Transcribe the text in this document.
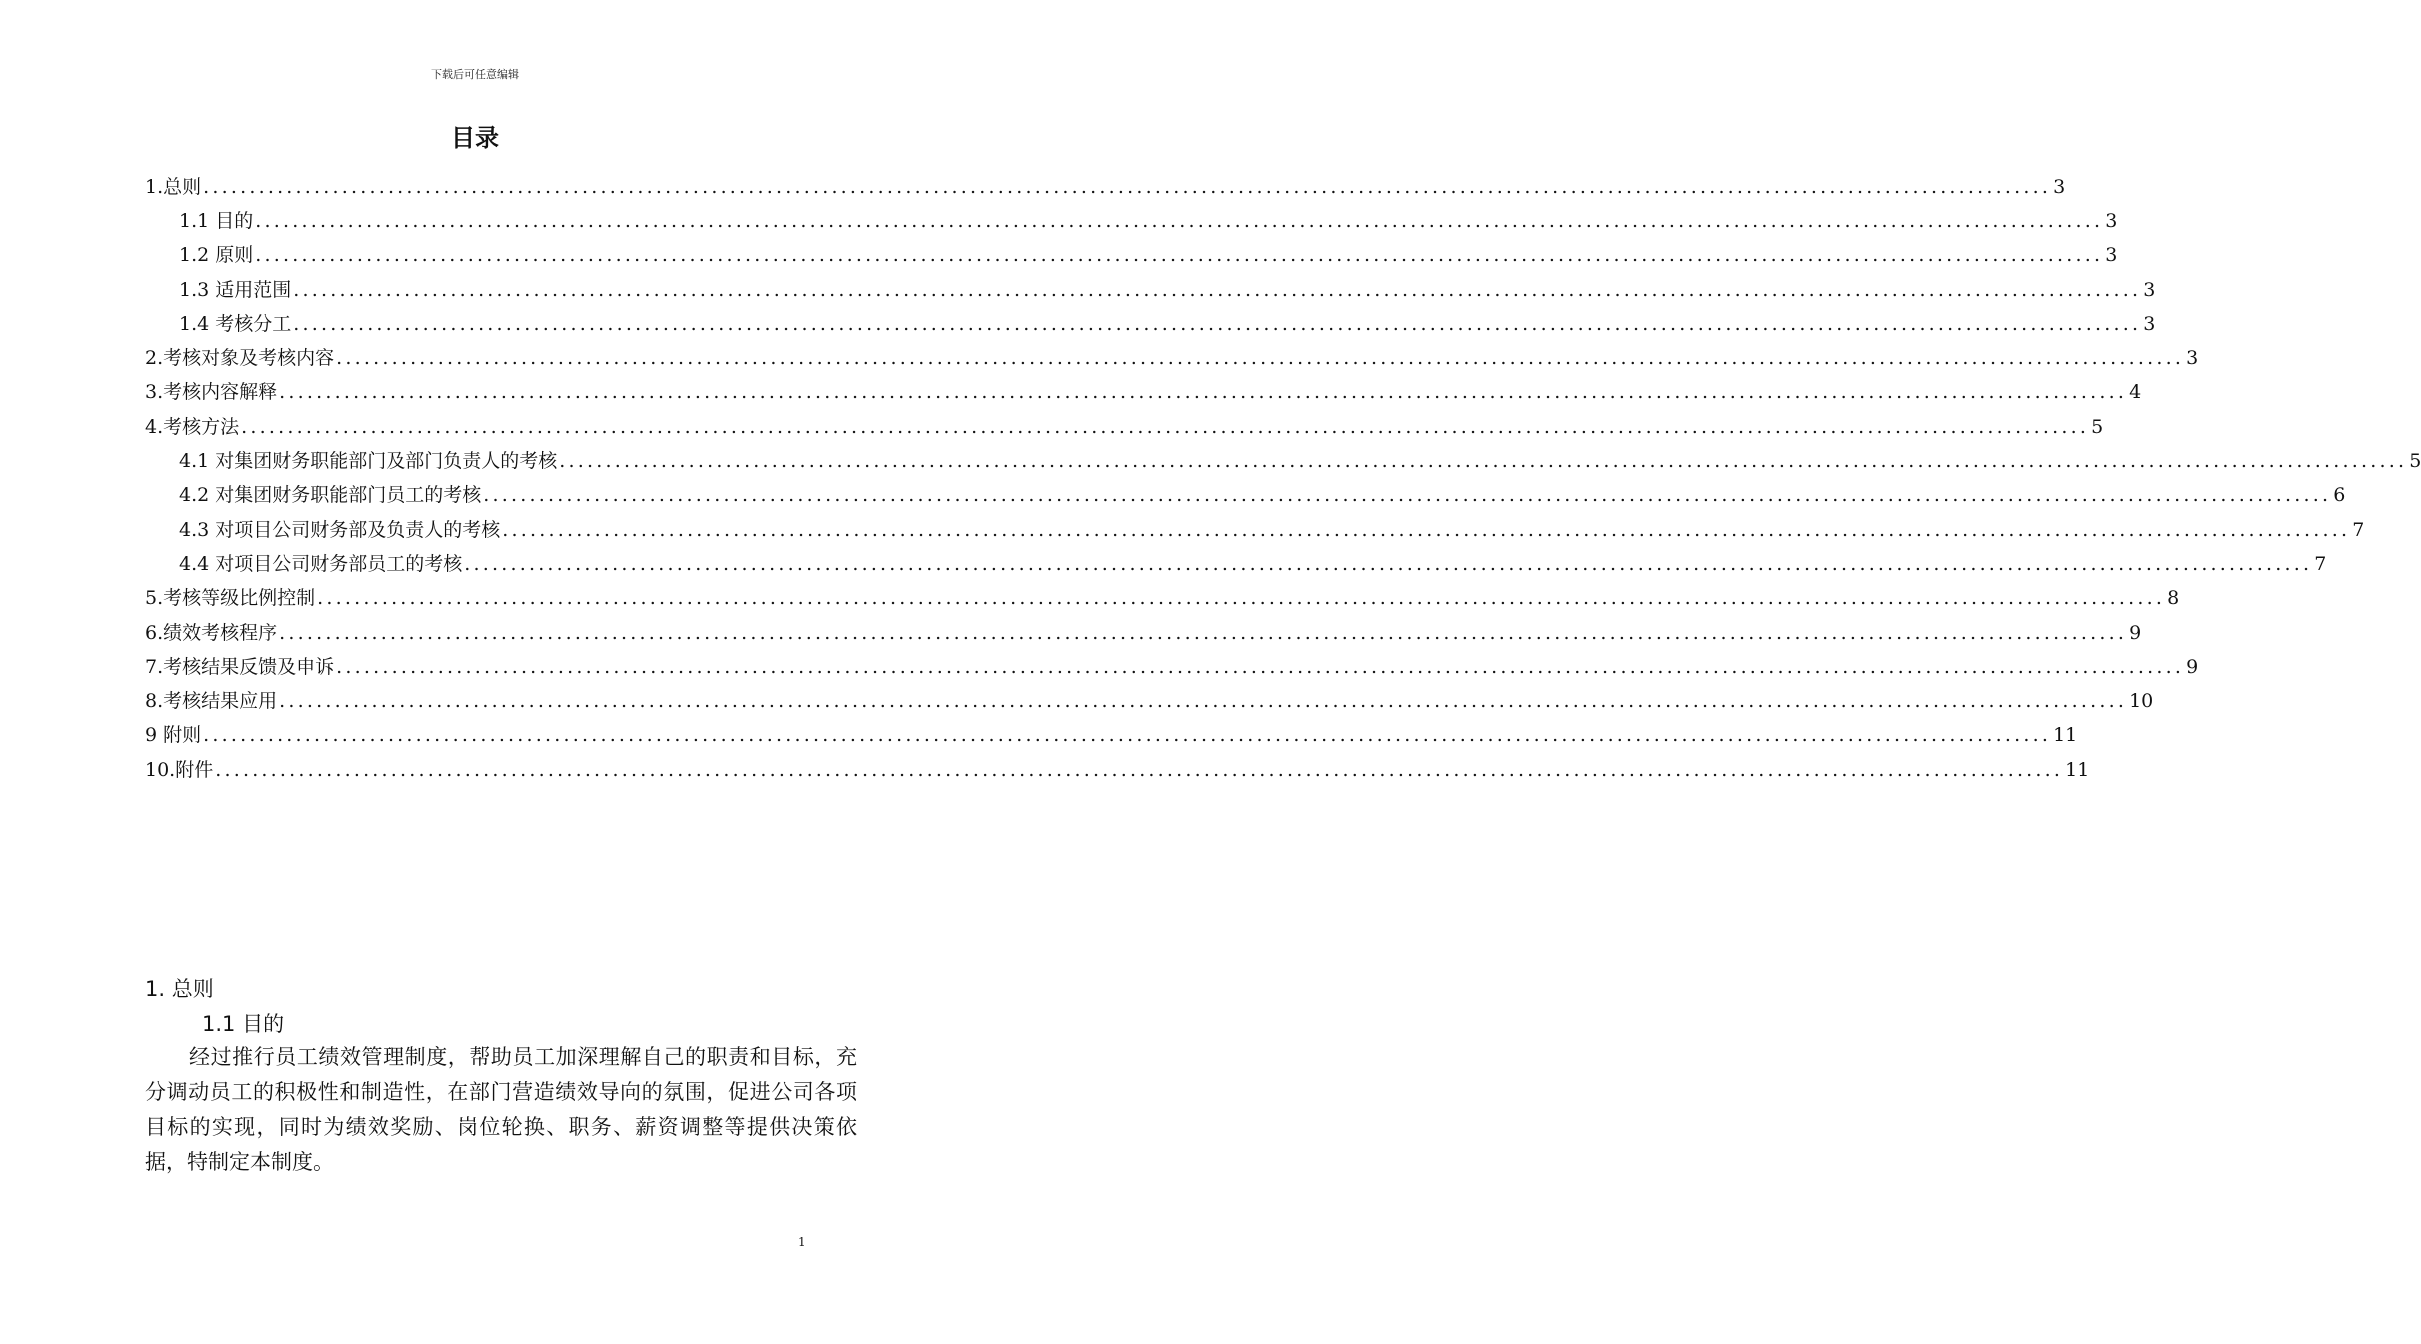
下载后可任意编辑
目录
1.总则 ........................................................................................................................................................................................................ 3
1.1 目的 ........................................................................................................................................................................................................ 3
1.2 原则 ........................................................................................................................................................................................................ 3
1.3 适用范围 ........................................................................................................................................................................................................ 3
1.4 考核分工 ........................................................................................................................................................................................................ 3
2.考核对象及考核内容 ........................................................................................................................................................................................................ 3
3.考核内容解释 ........................................................................................................................................................................................................ 4
4.考核方法 ........................................................................................................................................................................................................ 5
4.1 对集团财务职能部门及部门负责人的考核 ........................................................................................................................................................................................................ 5
4.2 对集团财务职能部门员工的考核 ........................................................................................................................................................................................................ 6
4.3 对项目公司财务部及负责人的考核 ........................................................................................................................................................................................................ 7
4.4 对项目公司财务部员工的考核 ........................................................................................................................................................................................................ 7
5.考核等级比例控制 ........................................................................................................................................................................................................ 8
6.绩效考核程序 ........................................................................................................................................................................................................ 9
7.考核结果反馈及申诉 ........................................................................................................................................................................................................ 9
8.考核结果应用 ........................................................................................................................................................................................................ 10
9 附则 ........................................................................................................................................................................................................ 11
10.附件 ........................................................................................................................................................................................................ 11
1. 总则
1.1 目的
经过推行员工绩效管理制度，帮助员工加深理解自己的职责和目标，充分调动员工的积极性和制造性，在部门营造绩效导向的氛围，促进公司各项目标的实现，同时为绩效奖励、岗位轮换、职务、薪资调整等提供决策依据，特制定本制度。
1
